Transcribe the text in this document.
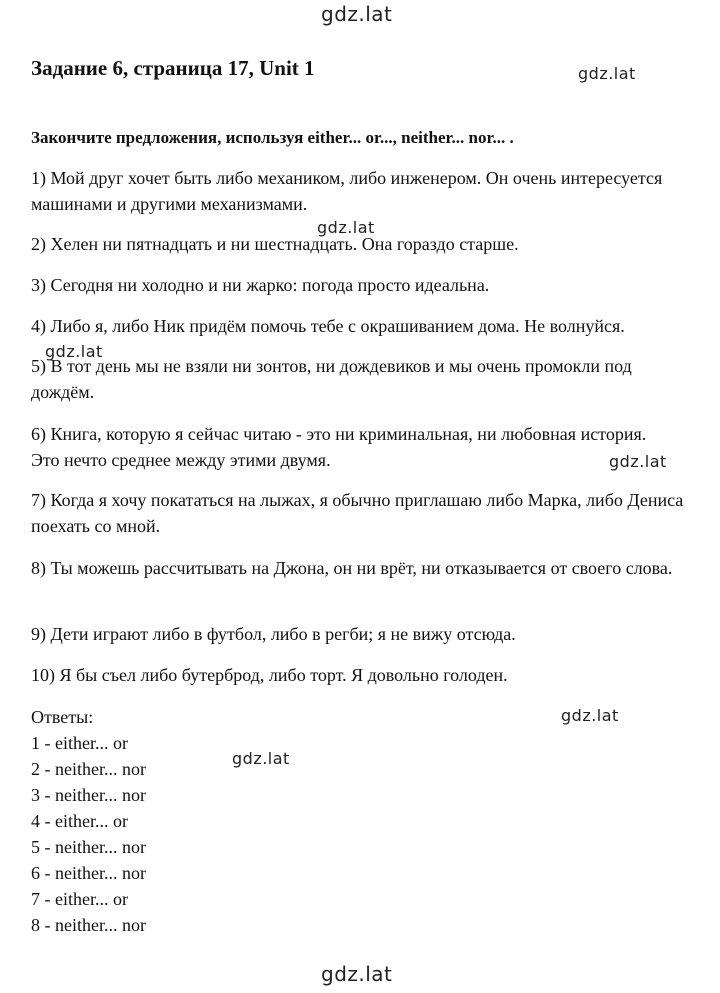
gdz.lat
gdz.lat
gdz.lat
gdz.lat
gdz.lat
gdz.lat
gdz.lat
gdz.lat
Задание 6, страница 17, Unit 1
Закончите предложения, используя either... or..., neither... nor... .
1) Мой друг хочет быть либо механиком, либо инженером. Он очень интересуется машинами и другими механизмами.
2) Хелен ни пятнадцать и ни шестнадцать. Она гораздо старше.
3) Сегодня ни холодно и ни жарко: погода просто идеальна.
4) Либо я, либо Ник придём помочь тебе с окрашиванием дома. Не волнуйся.
5) В тот день мы не взяли ни зонтов, ни дождевиков и мы очень промокли под дождём.
6) Книга, которую я сейчас читаю - это ни криминальная, ни любовная история. Это нечто среднее между этими двумя.
7) Когда я хочу покататься на лыжах, я обычно приглашаю либо Марка, либо Дениса поехать со мной.
8) Ты можешь рассчитывать на Джона, он ни врёт, ни отказывается от своего слова.
9) Дети играют либо в футбол, либо в регби; я не вижу отсюда.
10) Я бы съел либо бутерброд, либо торт. Я довольно голоден.
Ответы:
1 - either... or
2 - neither... nor
3 - neither... nor
4 - either... or
5 - neither... nor
6 - neither... nor
7 - either... or
8 - neither... nor
